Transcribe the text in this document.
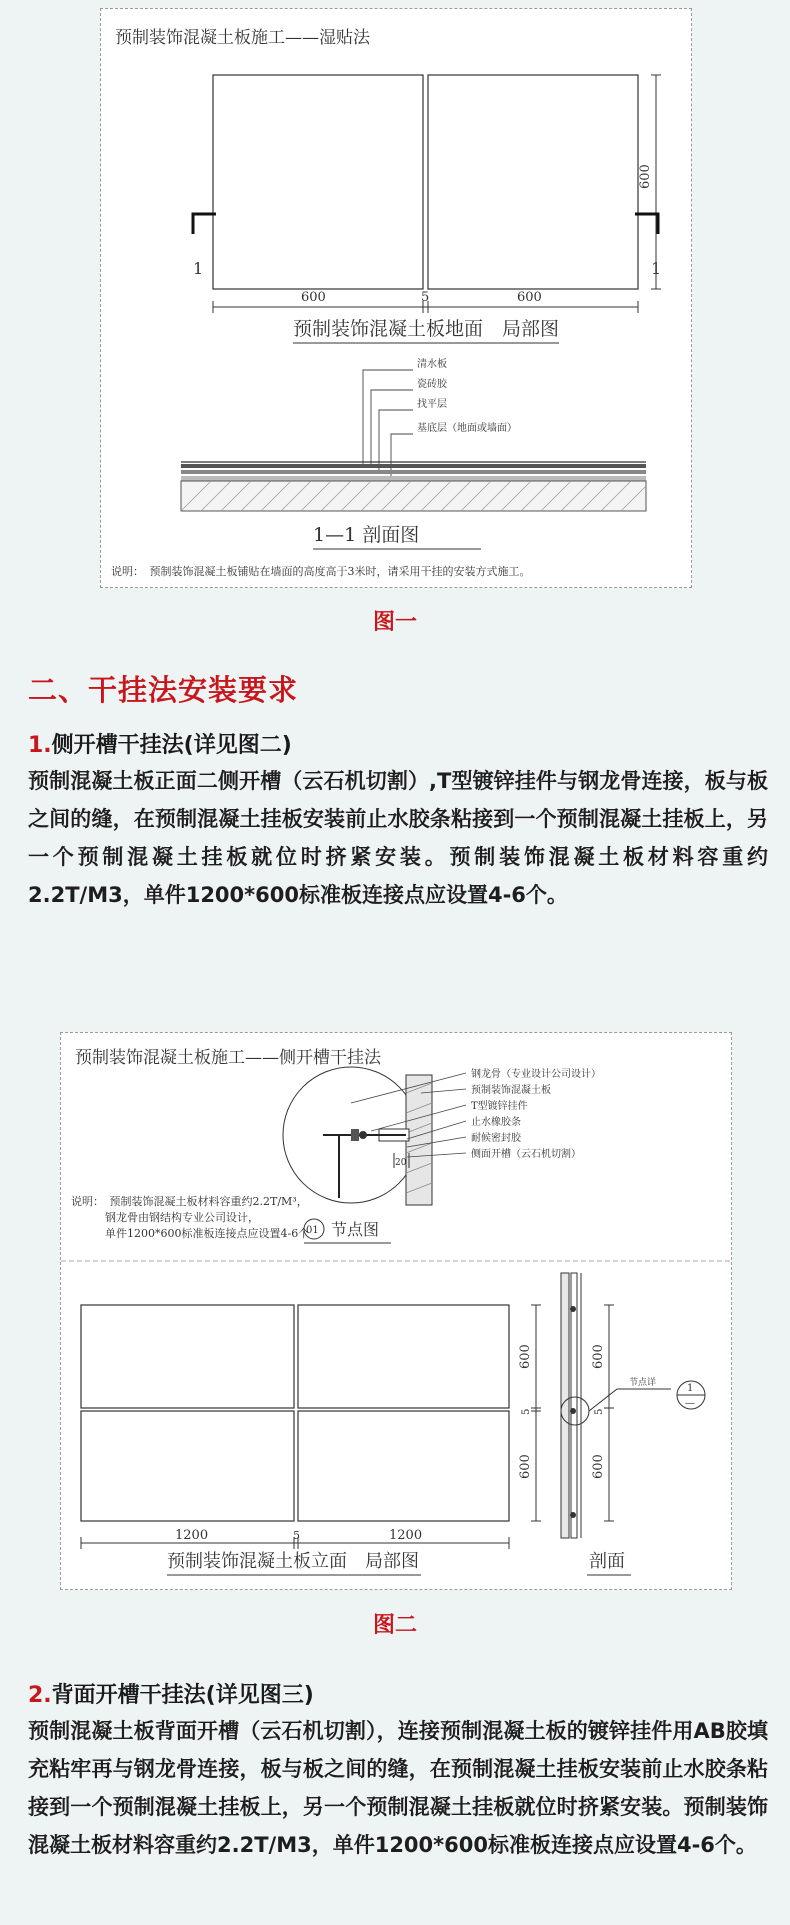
预制装饰混凝土板施工——湿贴法
600
1	1
600	5	600
预制装饰混凝土板地面　局部图
清水板
瓷砖胶
找平层
基底层（地面或墙面）
1—1 剖面图
说明：　预制装饰混凝土板铺贴在墙面的高度高于3米时，请采用干挂的安装方式施工。
图一
二、干挂法安装要求
1.侧开槽干挂法(详见图二)
预制混凝土板正面二侧开槽（云石机切割）,T型镀锌挂件与钢龙骨连接，板与板之间的缝，在预制混凝土挂板安装前止水胶条粘接到一个预制混凝土挂板上，另一个预制混凝土挂板就位时挤紧安装。预制装饰混凝土板材料容重约2.2T/M3，单件1200*600标准板连接点应设置4-6个。
预制装饰混凝土板施工——侧开槽干挂法
20
钢龙骨（专业设计公司设计）
预制装饰混凝土板
T型镀锌挂件
止水橡胶条
耐候密封胶
侧面开槽（云石机切割）
01 节点图
说明：　预制装饰混凝土板材料容重约2.2T/M³，
钢龙骨由钢结构专业公司设计，
单件1200*600标准板连接点应设置4-6个
600
5
600
1200	5	1200
预制装饰混凝土板立面　局部图
600
5
600
节点详	1
—
剖面
图二
2.背面开槽干挂法(详见图三)
预制混凝土板背面开槽（云石机切割），连接预制混凝土板的镀锌挂件用AB胶填充粘牢再与钢龙骨连接，板与板之间的缝，在预制混凝土挂板安装前止水胶条粘接到一个预制混凝土挂板上，另一个预制混凝土挂板就位时挤紧安装。预制装饰混凝土板材料容重约2.2T/M3，单件1200*600标准板连接点应设置4-6个。
